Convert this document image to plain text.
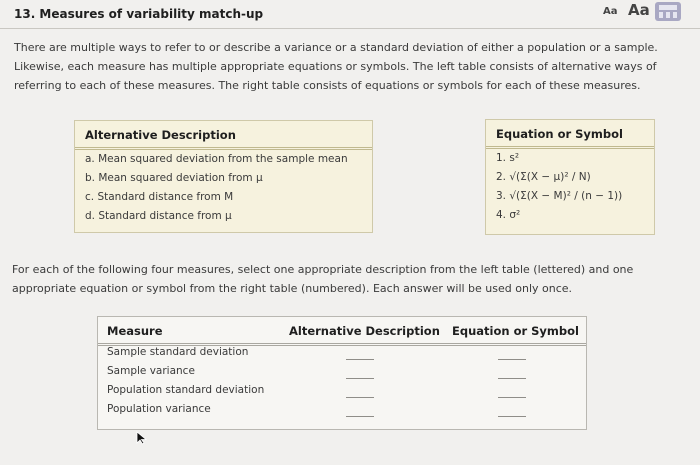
13. Measures of variability match-up	Aa Aa
There are multiple ways to refer to or describe a variance or a standard deviation of either a population or a sample. Likewise, each measure has multiple appropriate equations or symbols. The left table consists of alternative ways of referring to each of these measures. The right table consists of equations or symbols for each of these measures.
Alternative Description
a. Mean squared deviation from the sample mean
b. Mean squared deviation from μ
c. Standard distance from M
d. Standard distance from μ
Equation or Symbol
1. s²
2. √(Σ(X − μ)² / N)
3. √(Σ(X − M)² / (n − 1))
4. σ²
For each of the following four measures, select one appropriate description from the left table (lettered) and one appropriate equation or symbol from the right table (numbered). Each answer will be used only once.
Measure	Alternative Description Equation or Symbol
Sample standard deviation
Sample variance
Population standard deviation
Population variance
